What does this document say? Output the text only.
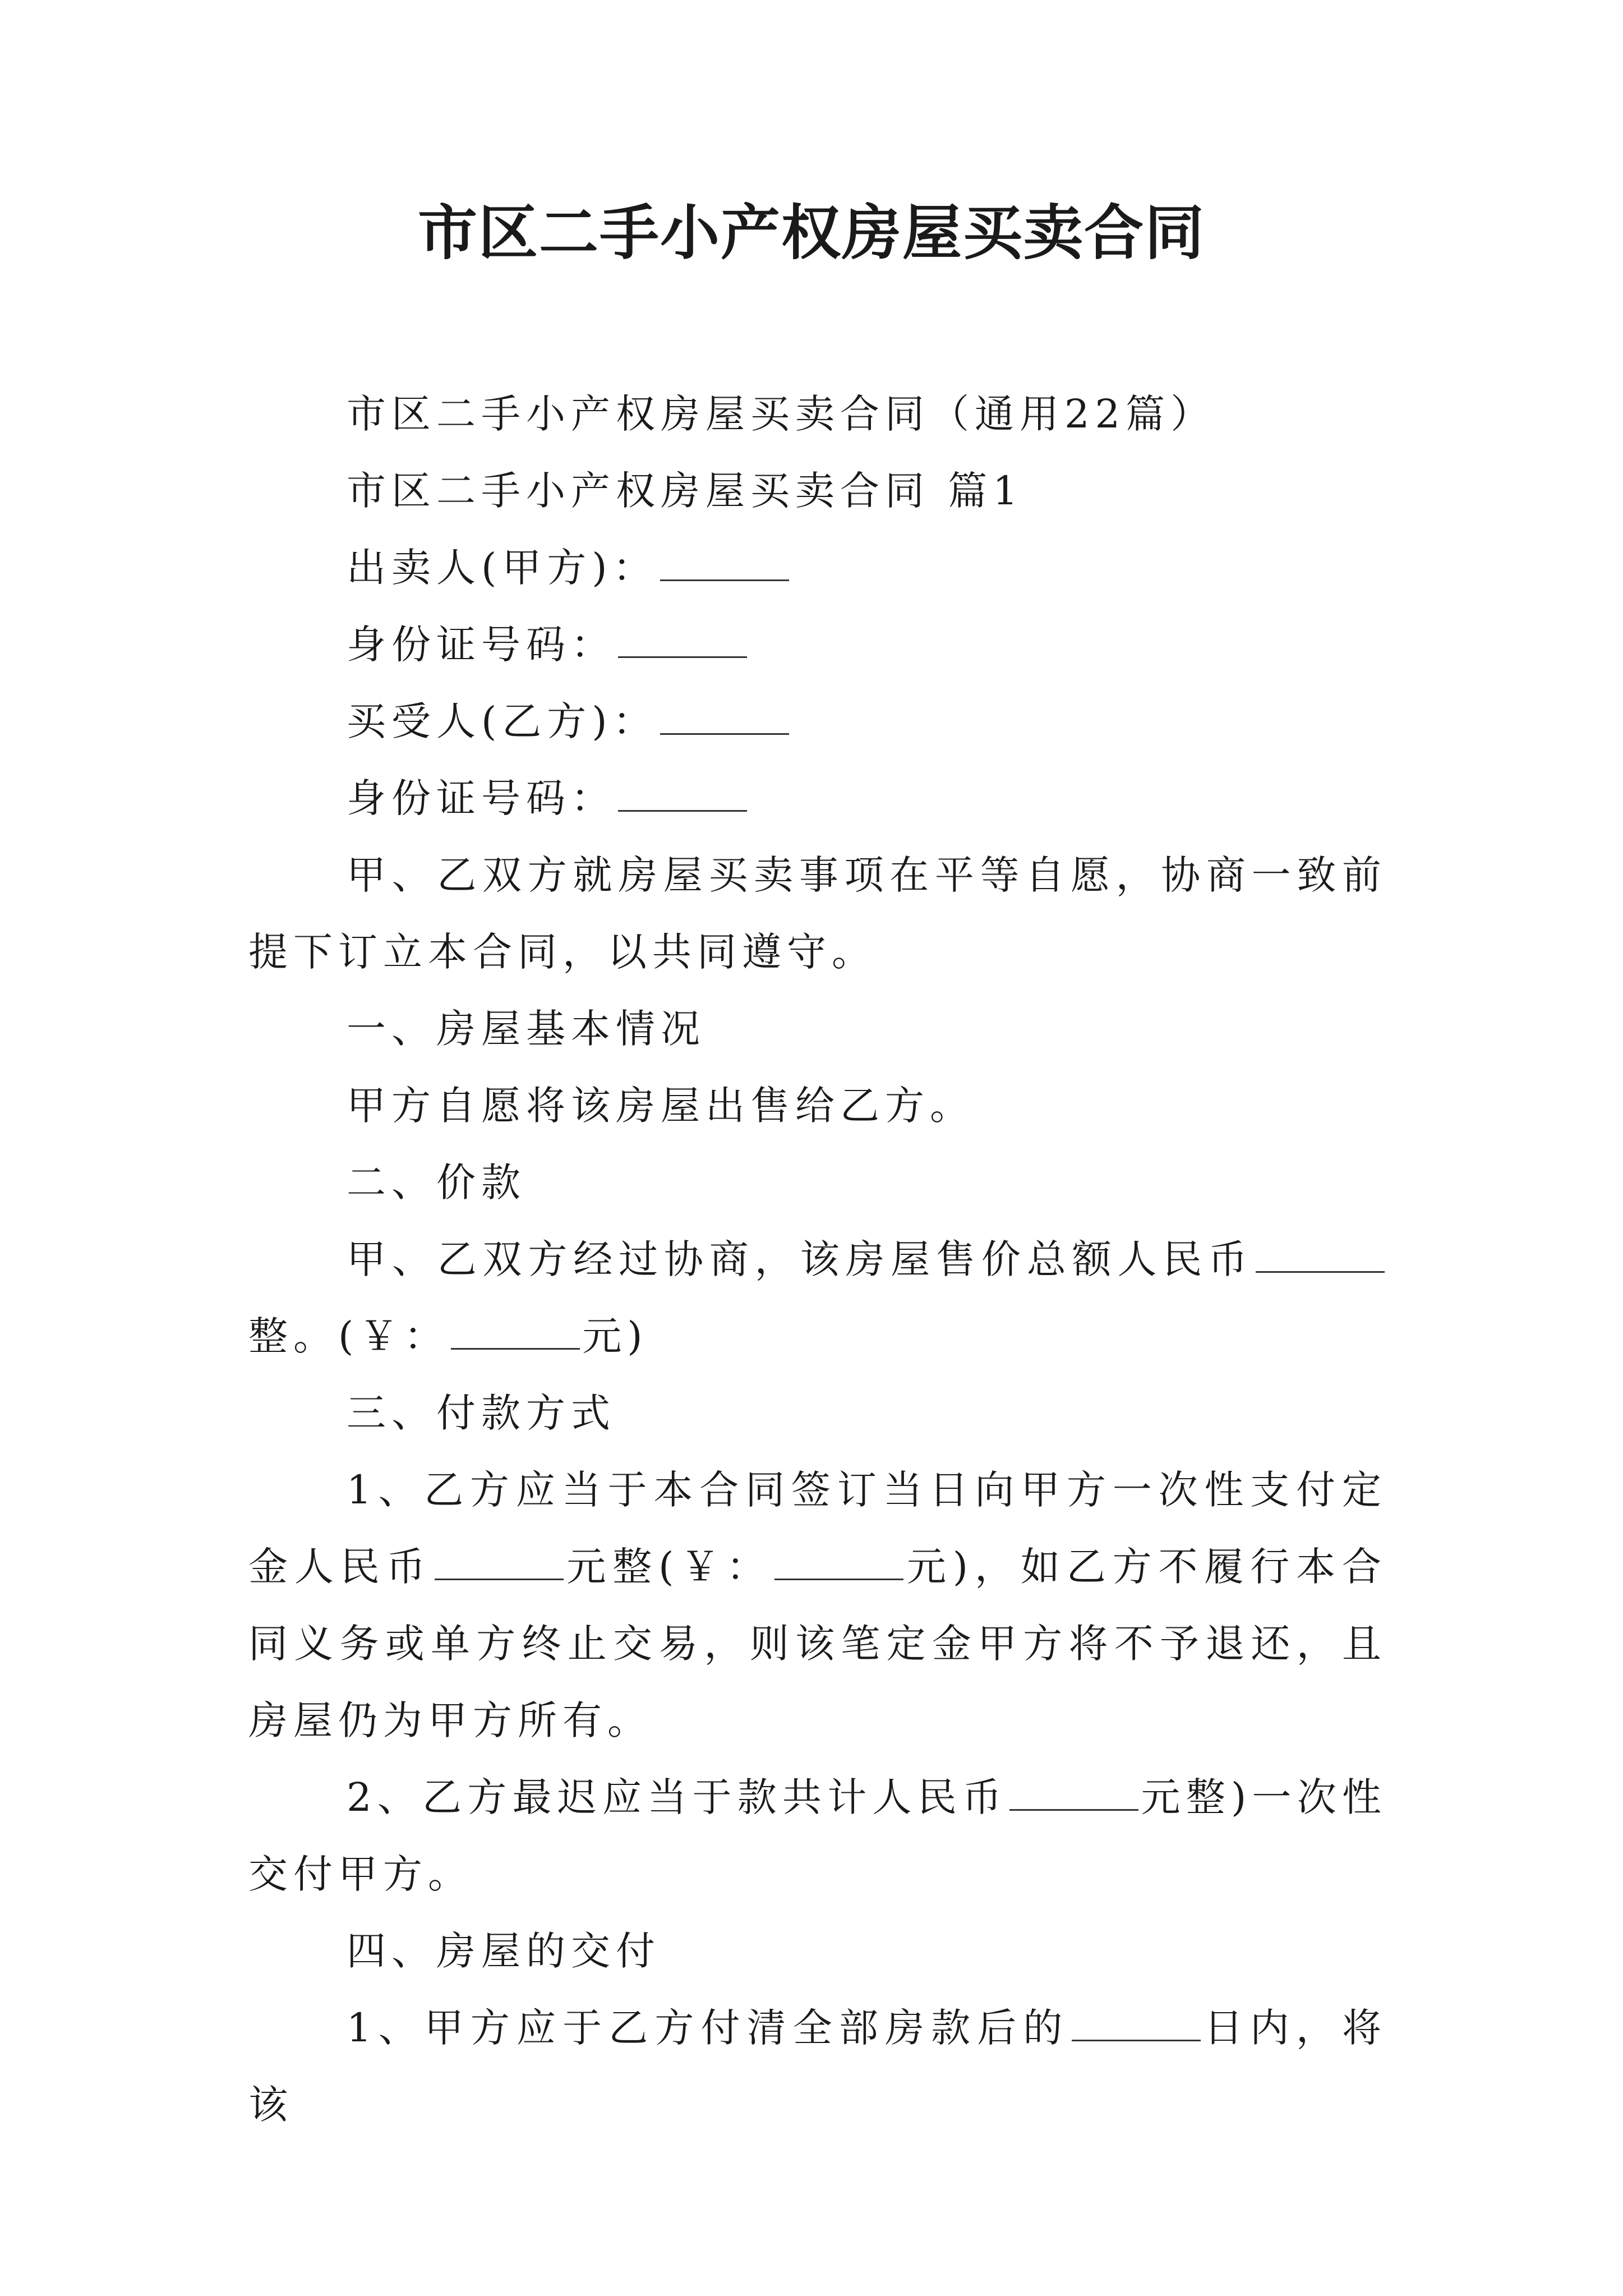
市区二手小产权房屋买卖合同

市区二手小产权房屋买卖合同（通用22篇）

市区二手小产权房屋买卖合同 篇1

出卖人(甲方)：

身份证号码：

买受人(乙方)：

身份证号码：

甲、乙双方就房屋买卖事项在平等自愿，协商一致前提下订立本合同，以共同遵守。

一、房屋基本情况

甲方自愿将该房屋出售给乙方。

二、价款

甲、乙双方经过协商，该房屋售价总额人民币整。(￥：	元)

三、付款方式

1、乙方应当于本合同签订当日向甲方一次性支付定金人民币	元整(￥：	元)，如乙方不履行本合同义务或单方终止交易，则该笔定金甲方将不予退还，且房屋仍为甲方所有。

2、乙方最迟应当于款共计人民币	元整)一次性交付甲方。

四、房屋的交付

1、甲方应于乙方付清全部房款后的	日内，将该
